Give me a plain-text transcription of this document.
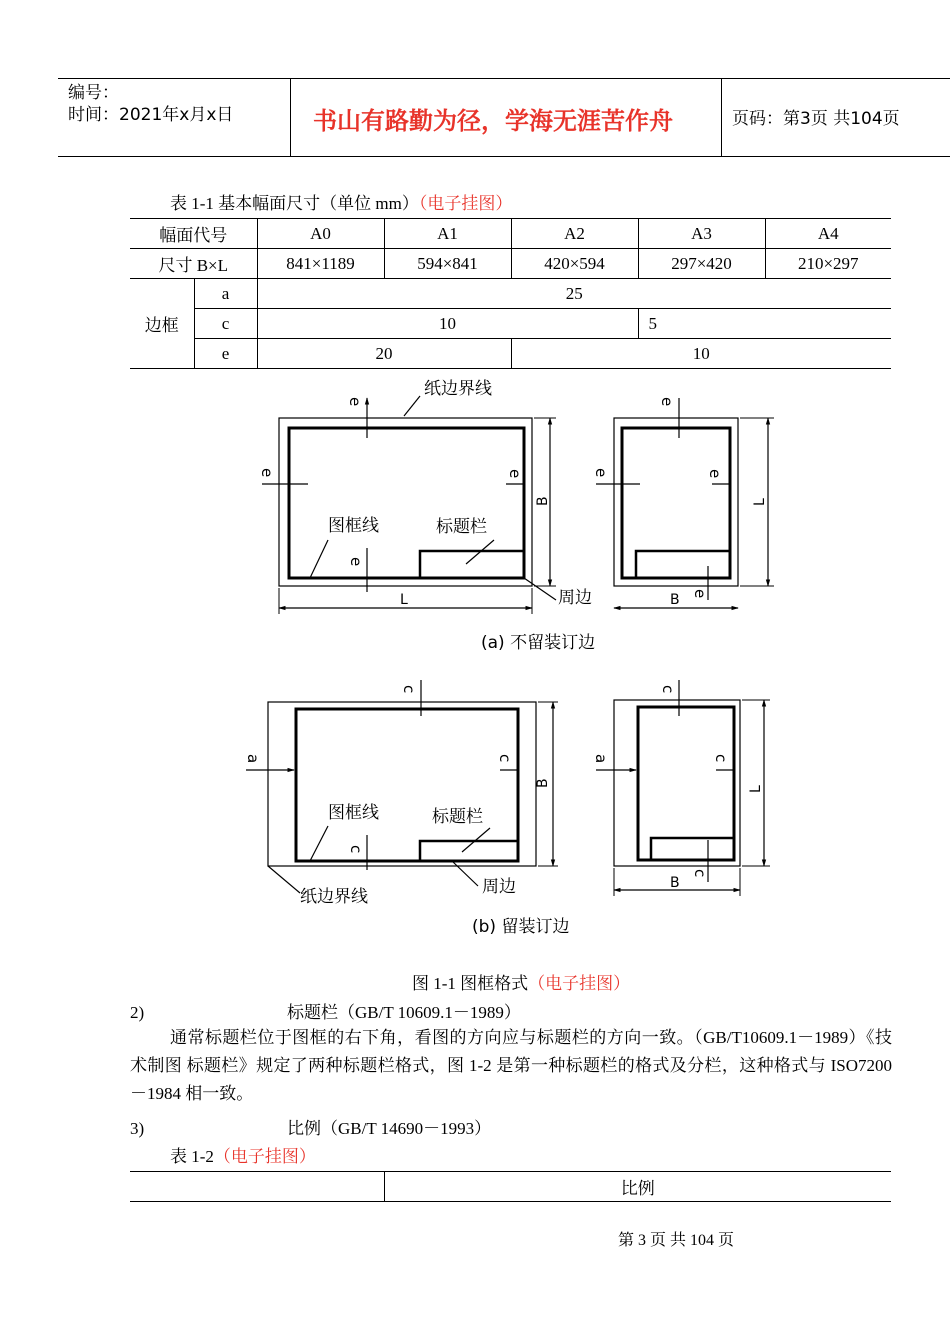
编号：
时间：2021年x月x日	书山有路勤为径，学海无涯苦作舟	页码：第3页 共104页
表 1-1 基本幅面尺寸（单位 mm）（电子挂图）
幅面代号		A0	A1	A2	A3	A4
尺寸 B×L		841×1189	594×841	420×594	297×420	210×297
边框	a	25				
	c	10			5	
	e	20		10		
纸边界线
图框线	标题栏
周边
e
e	e
e
L
B
e
e	e
e
B
L
(a) 不留装订边
图框线	标题栏
周边
纸边界线
c
a	c
c
B
c
a	c
c
B
L
(b) 留装订边
图 1-1 图框格式（电子挂图）
2)	标题栏（GB/T 10609.1－1989）
通常标题栏位于图框的右下角，看图的方向应与标题栏的方向一致。（GB/T10609.1－1989）《技术制图 标题栏》规定了两种标题栏格式，图 1-2 是第一种标题栏的格式及分栏，这种格式与 ISO7200－1984 相一致。
3)	比例（GB/T 14690－1993）
表 1-2（电子挂图）
	比例
第 3 页 共 104 页
